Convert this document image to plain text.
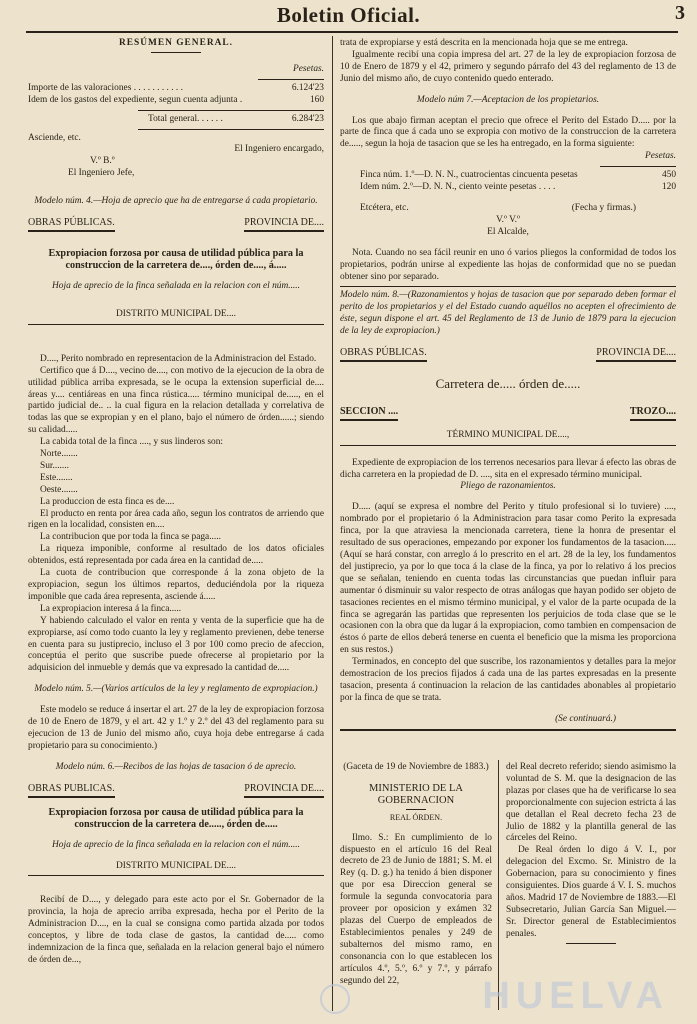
Boletin Oficial.	3

RESÚMEN GENERAL.

Pesetas.

Importe de las valoraciones . . . . . . . . . . .	6.124'23
Idem de los gastos del expediente, segun cuenta adjunta .	160
Total general. . . . . .	6.284'23

Asciende, etc.

El Ingeniero encargado,

V.º B.º

El Ingeniero Jefe,

Modelo núm. 4.—Hoja de aprecio que ha de entregarse á cada propietario.

OBRAS PÚBLICAS.	PROVINCIA DE....

Expropiacion forzosa por causa de utilidad pública para la construccion de la carretera de...., órden de...., á.....

Hoja de aprecio de la finca señalada en la relacion con el núm.....

DISTRITO MUNICIPAL DE....

D...., Perito nombrado en representacion de la Administracion del Estado.

Certifico que á D...., vecino de...., con motivo de la ejecucion de la obra de utilidad pública arriba expresada, se le ocupa la extension superficial de.... áreas y.... centiáreas en una finca rústica..... término municipal de....., en el partido judicial de.. .. la cual figura en la relacion detallada y correlativa de todas las que se expropian y en el plano, bajo el número de órden......; siendo su calidad.....

La cabida total de la finca ...., y sus linderos son:

Norte.......

Sur.......

Este.......

Oeste.......

La produccion de esta finca es de....

El producto en renta por área cada año, segun los contratos de arriendo que rigen en la localidad, consisten en....

La contribucion que por toda la finca se paga.....

La riqueza imponible, conforme al resultado de los datos oficiales obtenidos, está representada por cada área en la cantidad de.....

La cuota de contribucion que corresponde á la zona objeto de la expropiacion, segun los últimos repartos, deduciéndola por la riqueza imponible que cada área representa, asciende á.....

La expropiacion interesa á la finca.....

Y habiendo calculado el valor en renta y venta de la superficie que ha de expropiarse, así como todo cuanto la ley y reglamento previenen, debe tenerse en cuenta para su justiprecio, incluso el 3 por 100 como precio de afeccion, conceptúa el perito que suscribe puede ofrecerse al propietario por la adquisicion del inmueble y demás que va expresado la cantidad de.....

Modelo núm. 5.—(Varios artículos de la ley y reglamento de expropiacion.)

Este modelo se reduce á insertar el art. 27 de la ley de expropiacion forzosa de 10 de Enero de 1879, y el art. 42 y 1.º y 2.º del 43 del reglamento para su ejecucion de 13 de Junio del mismo año, cuya hoja debe entregarse á cada propietario para su conocimiento.)

Modelo núm. 6.—Recibos de las hojas de tasacion ó de aprecio.

OBRAS PUBLICAS.	PROVINCIA DE....

Expropiacion forzosa por causa de utilidad pública para la construccion de la carretera de....., órden de.....

Hoja de aprecio de la finca señalada en la relacion con el núm.....

DISTRITO MUNICIPAL DE....

Recibí de D...., y delegado para este acto por el Sr. Gobernador de la provincia, la hoja de aprecio arriba expresada, hecha por el Perito de la Administracion D...., en la cual se consigna como partida alzada por todos conceptos, y libre de toda clase de gastos, la cantidad de..... como indemnizacion de la finca que, señalada en la relacion general bajo el número de órden de...,

trata de expropiarse y está descrita en la mencionada hoja que se me entrega.

Igualmente recibí una copia impresa del art. 27 de la ley de expropiacion forzosa de 10 de Enero de 1879 y el 42, primero y segundo párrafo del 43 del reglamento de 13 de Junio del mismo año, de cuyo contenido quedo enterado.

Modelo núm 7.—Aceptacion de los propietarios.

Los que abajo firman aceptan el precio que ofrece el Perito del Estado D..... por la parte de finca que á cada uno se expropia con motivo de la construccion de la carretera de....., segun la hoja de tasacion que se les ha entregado, en la forma siguiente:

Pesetas.

Finca núm. 1.º—D. N. N., cuatrocientas cincuenta pesetas	450
Idem núm. 2.º—D. N. N., ciento veinte pesetas . . . .	120
Etcétera, etc.	(Fecha y firmas.)

V.º V.º

El Alcalde,

Nota. Cuando no sea fácil reunir en uno ó varios pliegos la conformidad de todos los propietarios, podrán unirse al expediente las hojas de conformidad que no se puedan obtener sino por separado.

Modelo núm. 8.—(Razonamientos y hojas de tasacion que por separado deben formar el perito de los propietarios y el del Estado cuando aquéllos no acepten el ofrecimiento de éste, segun dispone el art. 45 del Reglamento de 13 de Junio de 1879 para la ejecucion de la ley de expropiacion.)

OBRAS PÚBLICAS.	PROVINCIA DE....

Carretera de..... órden de.....

SECCION ....	TROZO....

TÉRMINO MUNICIPAL DE....,

Expediente de expropiacion de los terrenos necesarios para llevar á efecto las obras de dicha carretera en la propiedad de D. ...., sita en el expresado término municipal.

Pliego de razonamientos.

D..... (aquí se expresa el nombre del Perito y título profesional si lo tuviere) ...., nombrado por el propietario ó la Administracion para tasar como Perito la expresada finca, por la que atraviesa la mencionada carretera, tiene la honra de presentar el resultado de sus operaciones, empezando por exponer los fundamentos de la tasacion..... (Aquí se hará constar, con arreglo á lo prescrito en el art. 28 de la ley, los fundamentos del justiprecio, ya por lo que toca á la clase de la finca, ya por lo relativo á los precios que se señalan, teniendo en cuenta todas las circunstancias que puedan influir para aumentar ó disminuir su valor respecto de otras análogas que hayan podido ser objeto de tasaciones recientes en el mismo término municipal, y el valor de la parte ocupada de la finca se agregarán las partidas que representen los perjuicios de toda clase que se le ocasionen con la obra que da lugar á la expropiacion, como tambien en compensacion de éstos ó parte de ellos deberá tenerse en cuenta el beneficio que la misma les proporciona en sus restos.)

Terminados, en concepto del que suscribe, los razonamientos y detalles para la mejor demostracion de los precios fijados á cada una de las partes expresadas en la presente tasacion, presenta á continuacion la relacion de las cantidades abonables al propietario por la finca de que se trata.

(Se continuará.)

(Gaceta de 19 de Noviembre de 1883.)

MINISTERIO DE LA GOBERNACION

REAL ÓRDEN.

Ilmo. S.: En cumplimiento de lo dispuesto en el artículo 16 del Real decreto de 23 de Junio de 1881; S. M. el Rey (q. D. g.) ha tenido á bien disponer que por esa Direccion general se formule la segunda convocatoria para proveer por oposicion y exámen 32 plazas del Cuerpo de empleados de Establecimientos penales y 249 de subalternos del mismo ramo, en consonancia con lo que establecen los artículos 4.º, 5.º, 6.º y 7.º, y párrafo segundo del 22,

del Real decreto referido; siendo asimismo la voluntad de S. M. que la designacion de las plazas por clases que ha de verificarse lo sea proporcionalmente con sujecion estricta á las que detallan el Real decreto fecha 23 de Julio de 1882 y la plantilla general de las cárceles del Reino.

De Real órden lo digo á V. I., por delegacion del Excmo. Sr. Ministro de la Gobernacion, para su conocimiento y fines consiguientes. Dios guarde á V. I. S. muchos años. Madrid 17 de Noviembre de 1883.—El Subsecretario, Julian García San Miguel.—Sr. Director general de Establecimientos penales.

HUELVA
